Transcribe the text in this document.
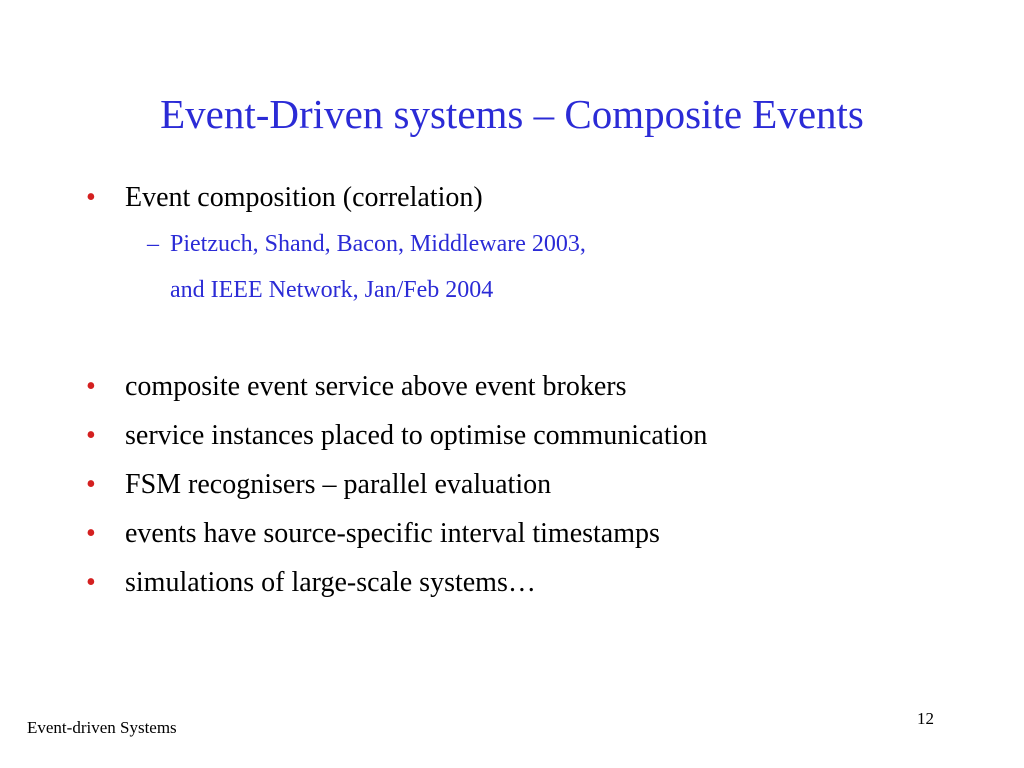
Event-Driven systems – Composite Events
• Event composition (correlation)
– Pietzuch, Shand, Bacon, Middleware 2003,
and IEEE Network, Jan/Feb 2004
• composite event service above event brokers
• service instances placed to optimise communication
• FSM recognisers – parallel evaluation
• events have source-specific interval timestamps
• simulations of large-scale systems…
Event-driven Systems	12
